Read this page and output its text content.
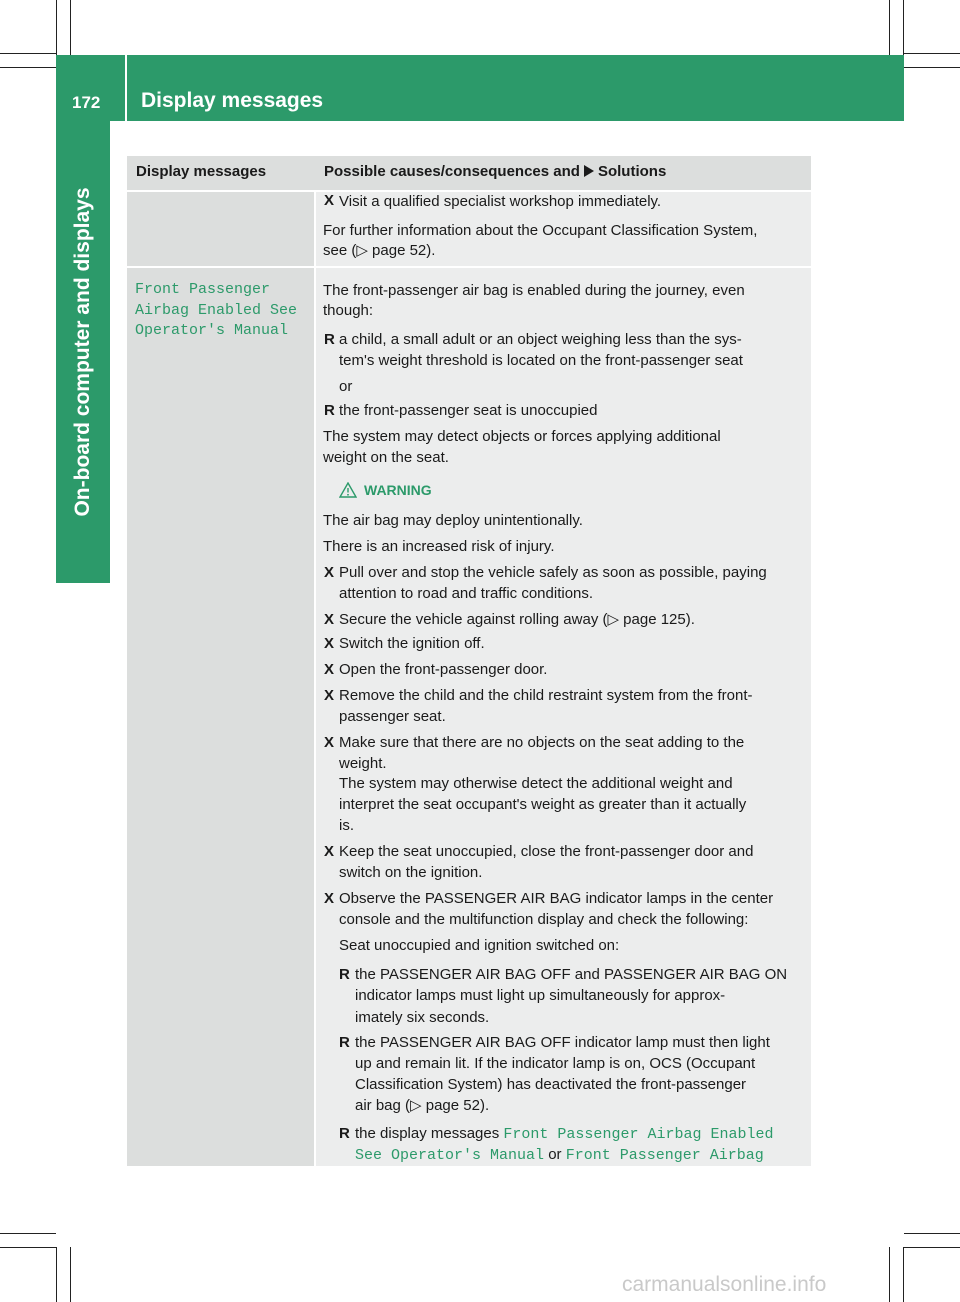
172 Display messages
On-board computer and displays
Display messages	Possible causes/consequences and Solutions
X Visit a qualified specialist workshop immediately.
For further information about the Occupant Classification System,
see (▷ page 52).
Front Passenger
Airbag Enabled See
Operator's Manual
The front-passenger air bag is enabled during the journey, even
though:
R a child, a small adult or an object weighing less than the sys-
tem's weight threshold is located on the front-passenger seat
or
R the front-passenger seat is unoccupied
The system may detect objects or forces applying additional
weight on the seat.
WARNING
The air bag may deploy unintentionally.
There is an increased risk of injury.
X Pull over and stop the vehicle safely as soon as possible, paying
attention to road and traffic conditions.
X Secure the vehicle against rolling away (▷ page 125).
X Switch the ignition off.
X Open the front-passenger door.
X Remove the child and the child restraint system from the front-
passenger seat.
X Make sure that there are no objects on the seat adding to the
weight.
The system may otherwise detect the additional weight and
interpret the seat occupant's weight as greater than it actually
is.
X Keep the seat unoccupied, close the front-passenger door and
switch on the ignition.
X Observe the PASSENGER AIR BAG indicator lamps in the center
console and the multifunction display and check the following:
Seat unoccupied and ignition switched on:
R the PASSENGER AIR BAG OFF and PASSENGER AIR BAG ON
indicator lamps must light up simultaneously for approx-
imately six seconds.
R the PASSENGER AIR BAG OFF indicator lamp must then light
up and remain lit. If the indicator lamp is on, OCS (Occupant
Classification System) has deactivated the front-passenger
air bag (▷ page 52).
R the display messages Front Passenger Airbag Enabled
See Operator's Manual or Front Passenger Airbag
carmanualsonline.info
